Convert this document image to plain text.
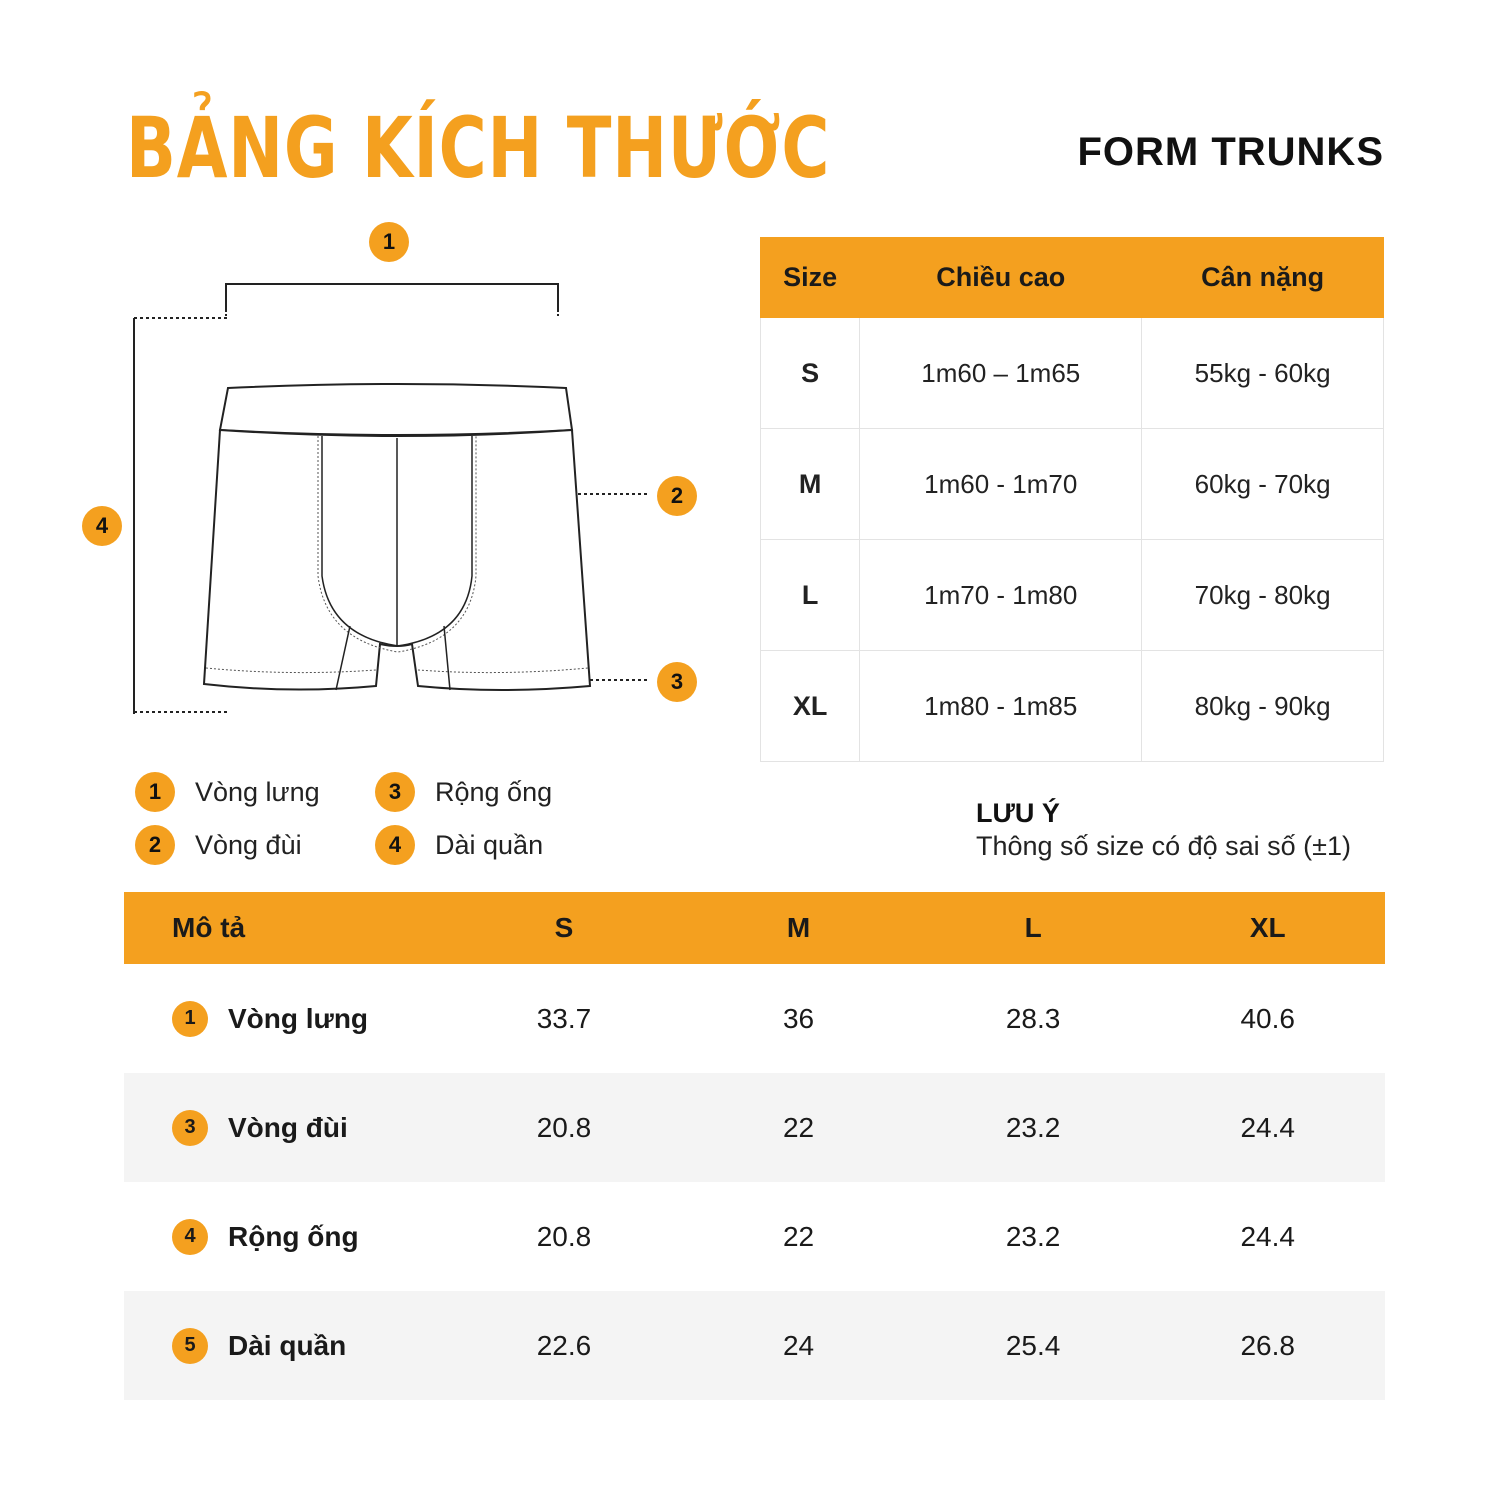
BẢNG KÍCH THƯỚC	FORM TRUNKS
1
2
3
4
Size	Chiều cao	Cân nặng
S	1m60 – 1m65	55kg - 60kg
M	1m60 - 1m70	60kg - 70kg
L	1m70 - 1m80	70kg - 80kg
XL	1m80 - 1m85	80kg - 90kg
1	Vòng lưng
2	Vòng đùi
3	Rộng ống
4	Dài quần
LƯU Ý
Thông số size có độ sai số (±1)
Mô tả	S	M	L	XL
1 Vòng lưng	33.7	36	28.3	40.6
3 Vòng đùi	20.8	22	23.2	24.4
4 Rộng ống	20.8	22	23.2	24.4
5 Dài quần	22.6	24	25.4	26.8
